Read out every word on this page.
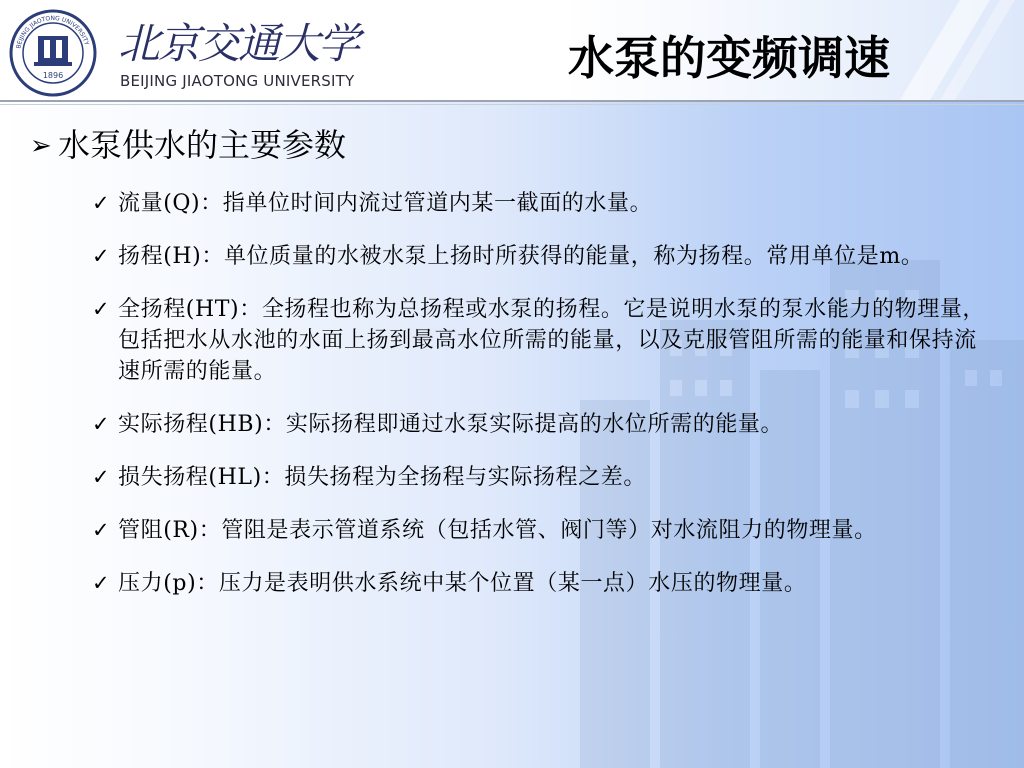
1896
BEIJING JIAOTONG UNIVERSITY 北京交通大学
BEIJING JIAOTONG UNIVERSITY	水泵的变频调速
➢ 水泵供水的主要参数
✓ 流量(Q)：指单位时间内流过管道内某一截面的水量。
✓ 扬程(H)：单位质量的水被水泵上扬时所获得的能量，称为扬程。常用单位是m。
✓ 全扬程(HT)：全扬程也称为总扬程或水泵的扬程。它是说明水泵的泵水能力的物理量，包括把水从水池的水面上扬到最高水位所需的能量，以及克服管阻所需的能量和保持流速所需的能量。
✓ 实际扬程(HB)：实际扬程即通过水泵实际提高的水位所需的能量。
✓ 损失扬程(HL)：损失扬程为全扬程与实际扬程之差。
✓ 管阻(R)：管阻是表示管道系统（包括水管、阀门等）对水流阻力的物理量。
✓ 压力(p)：压力是表明供水系统中某个位置（某一点）水压的物理量。
